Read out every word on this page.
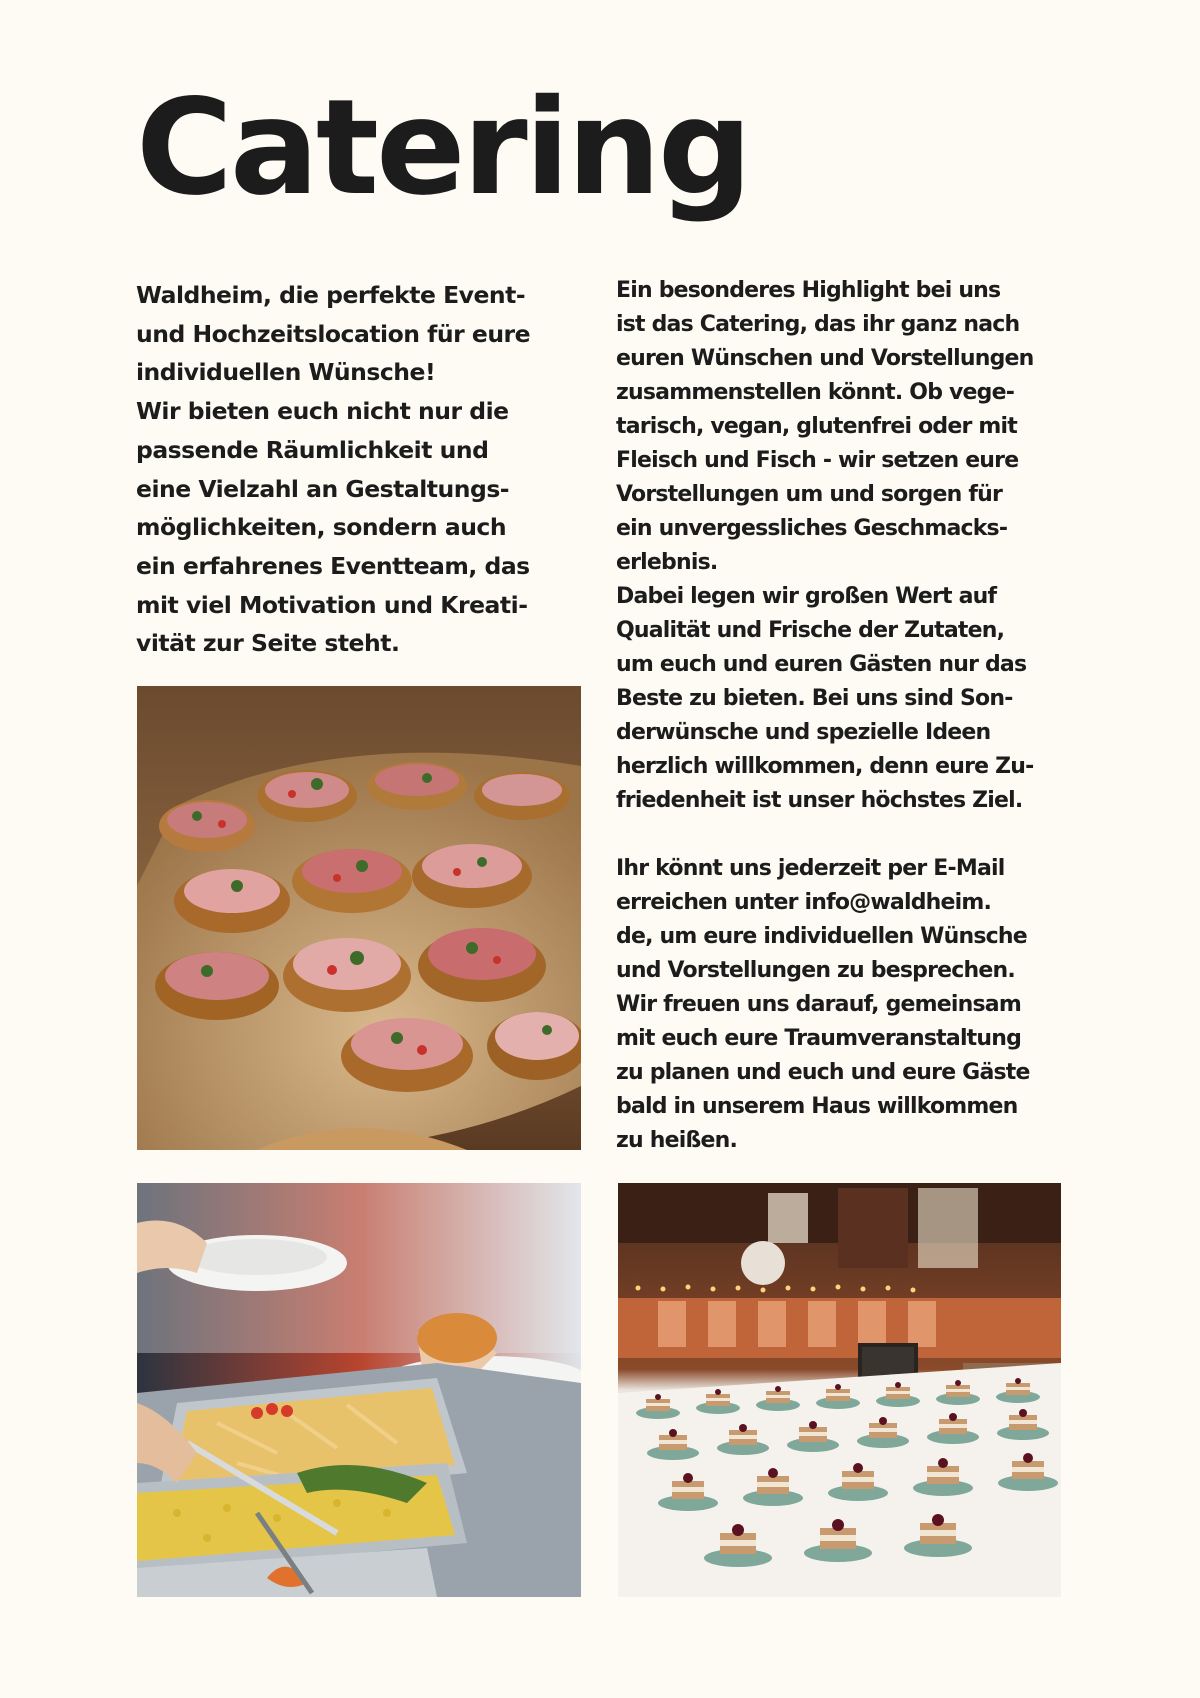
Catering
Waldheim, die perfekte Event-
und Hochzeitslocation für eure
individuellen Wünsche!
Wir bieten euch nicht nur die
passende Räumlichkeit und
eine Vielzahl an Gestaltungs-
möglichkeiten, sondern auch
ein erfahrenes Eventteam, das
mit viel Motivation und Kreati-
vität zur Seite steht.
Ein besonderes Highlight bei uns
ist das Catering, das ihr ganz nach
euren Wünschen und Vorstellungen
zusammenstellen könnt. Ob vege-
tarisch, vegan, glutenfrei oder mit
Fleisch und Fisch - wir setzen eure
Vorstellungen um und sorgen für
ein unvergessliches Geschmacks-
erlebnis.
Dabei legen wir großen Wert auf
Qualität und Frische der Zutaten,
um euch und euren Gästen nur das
Beste zu bieten. Bei uns sind Son-
derwünsche und spezielle Ideen
herzlich willkommen, denn eure Zu-
friedenheit ist unser höchstes Ziel.
Ihr könnt uns jederzeit per E-Mail
erreichen unter info@waldheim.
de, um eure individuellen Wünsche
und Vorstellungen zu besprechen.
Wir freuen uns darauf, gemeinsam
mit euch eure Traumveranstaltung
zu planen und euch und eure Gäste
bald in unserem Haus willkommen
zu heißen.
